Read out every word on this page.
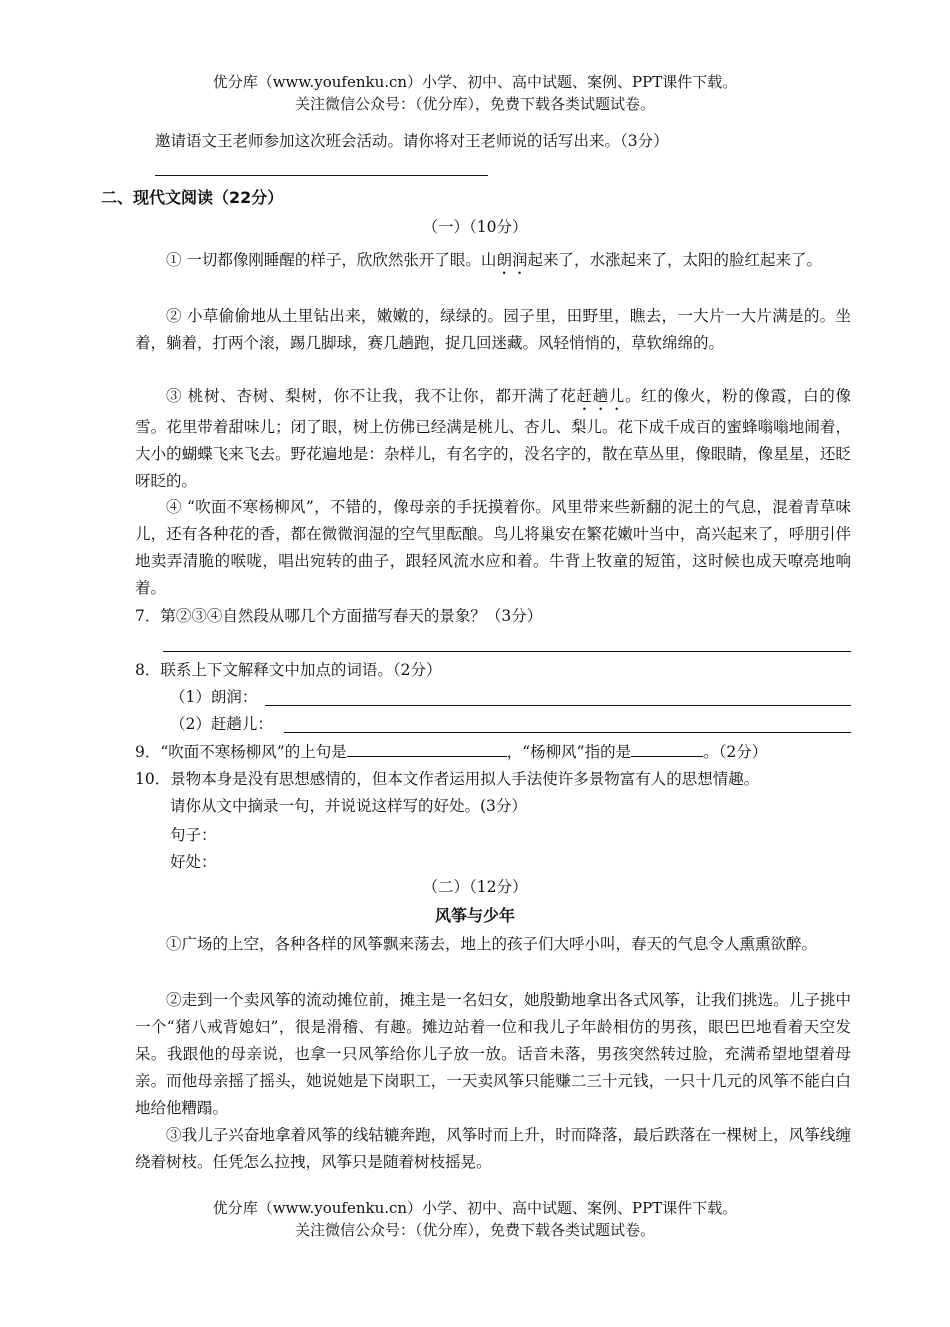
优分库（www.youfenku.cn）小学、初中、高中试题、案例、PPT课件下载。
关注微信公众号：（优分库），免费下载各类试题试卷。
邀请语文王老师参加这次班会活动。请你将对王老师说的话写出来。（3分）
二、现代文阅读（22分）
（一）（10分）
① 一切都像刚睡醒的样子，欣欣然张开了眼。山朗润起来了，水涨起来了，太阳的脸红起来了。
② 小草偷偷地从土里钻出来，嫩嫩的，绿绿的。园子里，田野里，瞧去，一大片一大片满是的。坐着，躺着，打两个滚，踢几脚球，赛几趟跑，捉几回迷藏。风轻悄悄的，草软绵绵的。
③ 桃树、杏树、梨树，你不让我，我不让你，都开满了花赶趟儿。红的像火，粉的像霞，白的像雪。花里带着甜味儿；闭了眼，树上仿佛已经满是桃儿、杏儿、梨儿。花下成千成百的蜜蜂嗡嗡地闹着，大小的蝴蝶飞来飞去。野花遍地是：杂样儿，有名字的，没名字的，散在草丛里，像眼睛，像星星，还眨呀眨的。
④ “吹面不寒杨柳风”，不错的，像母亲的手抚摸着你。风里带来些新翻的泥土的气息，混着青草味儿，还有各种花的香，都在微微润湿的空气里酝酿。鸟儿将巢安在繁花嫩叶当中，高兴起来了，呼朋引伴地卖弄清脆的喉咙，唱出宛转的曲子，跟轻风流水应和着。牛背上牧童的短笛，这时候也成天嘹亮地响着。
7．第②③④自然段从哪几个方面描写春天的景象？（3分）
8．联系上下文解释文中加点的词语。（2分）
（1）朗润：
（2）赶趟儿：
9．“吹面不寒杨柳风”的上句是	，“杨柳风”指的是	。（2分）
10．景物本身是没有思想感情的，但本文作者运用拟人手法使许多景物富有人的思想情趣。
请你从文中摘录一句，并说说这样写的好处。(3分）
句子：
好处：
（二）（12分）
风筝与少年
①广场的上空，各种各样的风筝飘来荡去，地上的孩子们大呼小叫，春天的气息令人熏熏欲醉。
②走到一个卖风筝的流动摊位前，摊主是一名妇女，她殷勤地拿出各式风筝，让我们挑选。儿子挑中一个“猪八戒背媳妇”，很是滑稽、有趣。摊边站着一位和我儿子年龄相仿的男孩，眼巴巴地看着天空发呆。我跟他的母亲说，也拿一只风筝给你儿子放一放。话音未落，男孩突然转过脸，充满希望地望着母亲。而他母亲摇了摇头，她说她是下岗职工，一天卖风筝只能赚二三十元钱，一只十几元的风筝不能白白地给他糟蹋。
③我儿子兴奋地拿着风筝的线轱辘奔跑，风筝时而上升，时而降落，最后跌落在一棵树上，风筝线缠绕着树枝。任凭怎么拉拽，风筝只是随着树枝摇晃。
优分库（www.youfenku.cn）小学、初中、高中试题、案例、PPT课件下载。
关注微信公众号：（优分库），免费下载各类试题试卷。
